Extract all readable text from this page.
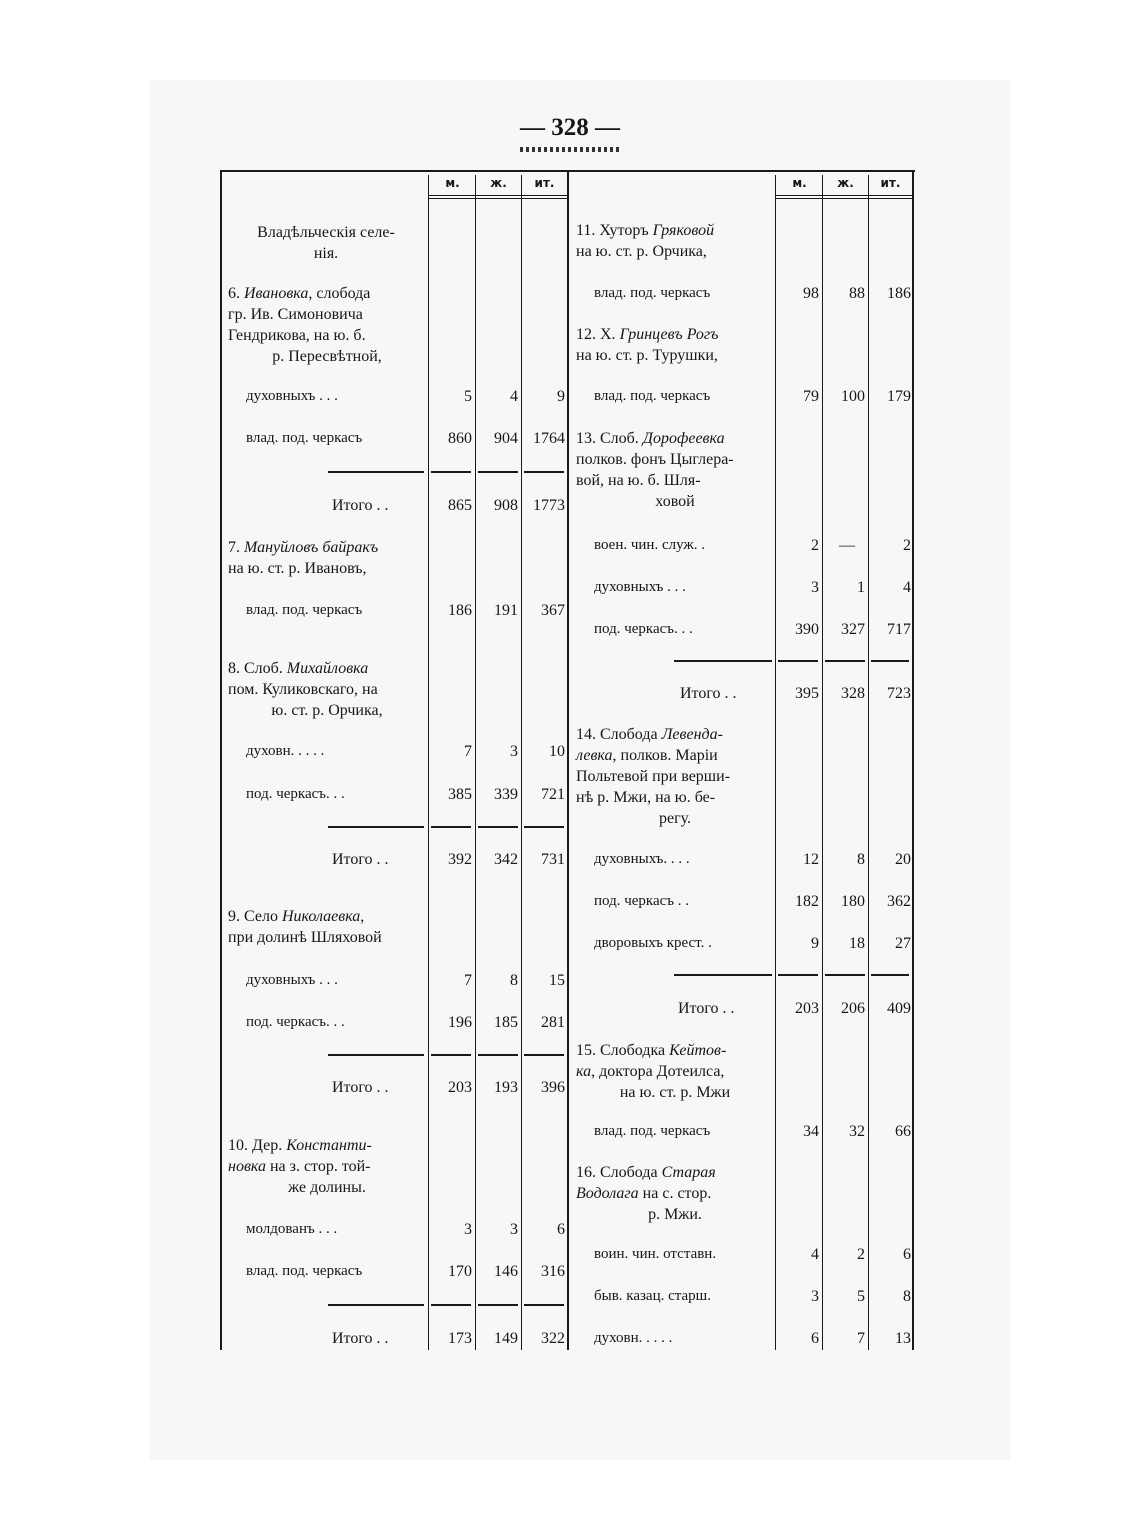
— 328 —
м.	ж.	ит.	м.	ж.	ит.
Владѣльческія селе-
нія.
6. Ивановка, слобода
гр. Ив. Симоновича
Гендрикова, на ю. б.
р. Пересвѣтной,
духовныхъ . . .	5	4	9
влад. под. черкасъ	860	904 1764
Итого . .	865	908 1773
7. Мануйловъ байракъ
на ю. ст. р. Ивановъ,
влад. под. черкасъ	186	191	367
8. Слоб. Михайловка
пом. Куликовскаго, на
ю. ст. р. Орчика,
духовн. . . . .	7	3	10
под. черкасъ. . .	385	339	721
Итого . .	392	342	731
9. Село Николаевка,
при долинѣ Шляховой
духовныхъ . . .	7	8	15
под. черкасъ. . .	196	185	281
Итого . .	203	193	396
10. Дер. Константи-
новка на з. стор. той-
же долины.
молдованъ . . .	3	3	6
влад. под. черкасъ	170	146	316
Итого . .	173	149	322
11. Хуторъ Гряковой
на ю. ст. р. Орчика,
влад. под. черкасъ	98	88	186
12. Х. Гринцевъ Рогъ
на ю. ст. р. Турушки,
влад. под. черкасъ	79	100	179
13. Слоб. Дорофеевка
полков. фонъ Цыглера-
вой, на ю. б. Шля-
ховой
воен. чин. служ. .	2	—	2
духовныхъ . . .	3	1	4
под. черкасъ. . .	390	327	717
Итого . .	395	328	723
14. Слобода Левенда-
левка, полков. Маріи
Польтевой при верши-
нѣ р. Мжи, на ю. бе-
регу.
духовныхъ. . . .	12	8	20
под. черкасъ . .	182	180	362
дворовыхъ крест. .	9	18	27
Итого . .	203	206	409
15. Слободка Кейтов-
ка, доктора Дотеилса,
на ю. ст. р. Мжи
влад. под. черкасъ	34	32	66
16. Слобода Старая
Водолага на с. стор.
р. Мжи.
воин. чин. отставн.	4	2	6
быв. казац. старш.	3	5	8
духовн. . . . .	6	7	13
